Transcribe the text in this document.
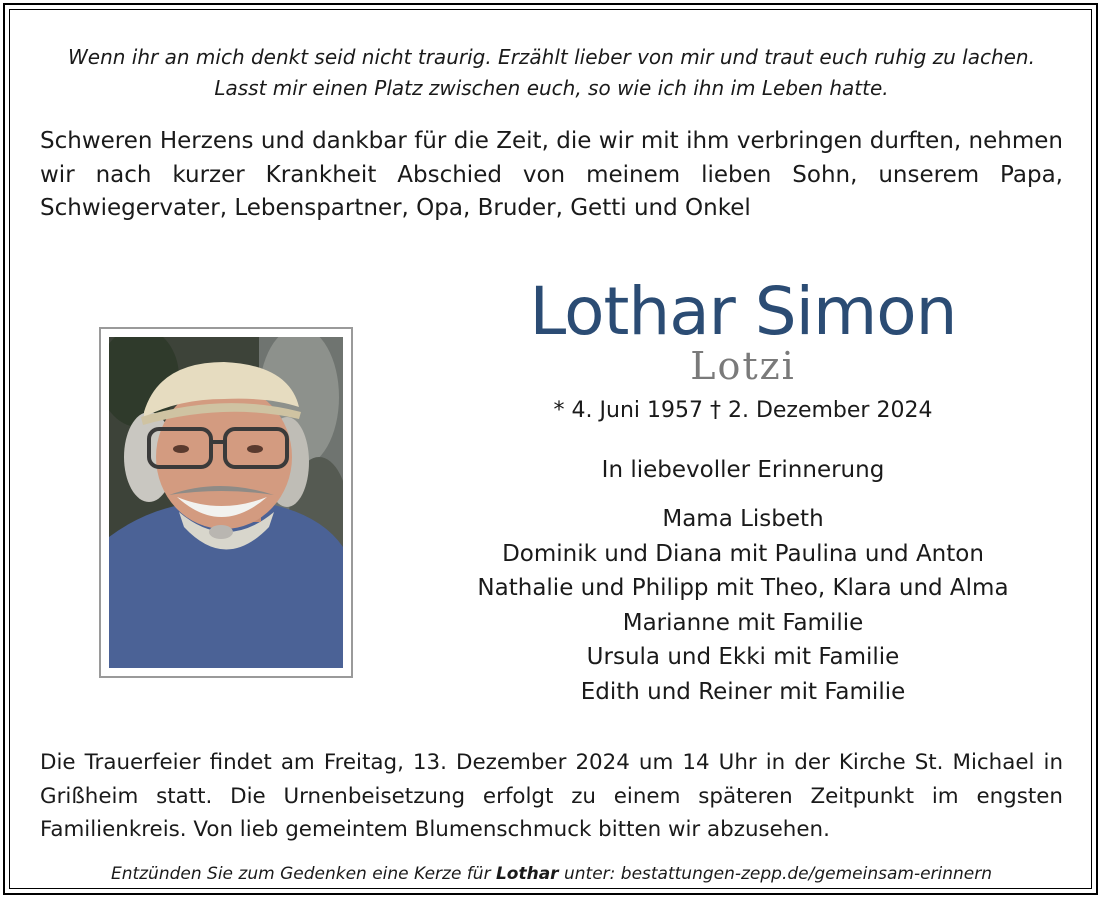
Wenn ihr an mich denkt seid nicht traurig. Erzählt lieber von mir und traut euch ruhig zu lachen.
Lasst mir einen Platz zwischen euch, so wie ich ihn im Leben hatte.
Schweren Herzens und dankbar für die Zeit, die wir mit ihm verbringen durften, nehmen wir nach kurzer Krankheit Abschied von meinem lieben Sohn, unserem Papa, Schwiegervater, Lebenspartner, Opa, Bruder, Getti und Onkel
Lothar Simon
Lotzi
* 4. Juni 1957 † 2. Dezember 2024
In liebevoller Erinnerung
Mama Lisbeth
Dominik und Diana mit Paulina und Anton
Nathalie und Philipp mit Theo, Klara und Alma
Marianne mit Familie
Ursula und Ekki mit Familie
Edith und Reiner mit Familie
Die Trauerfeier findet am Freitag, 13. Dezember 2024 um 14 Uhr in der Kirche St. Michael in Grißheim statt. Die Urnenbeisetzung erfolgt zu einem späteren Zeitpunkt im engsten Familienkreis. Von lieb gemeintem Blumenschmuck bitten wir abzusehen.
Entzünden Sie zum Gedenken eine Kerze für Lothar unter: bestattungen-zepp.de/gemeinsam-erinnern
